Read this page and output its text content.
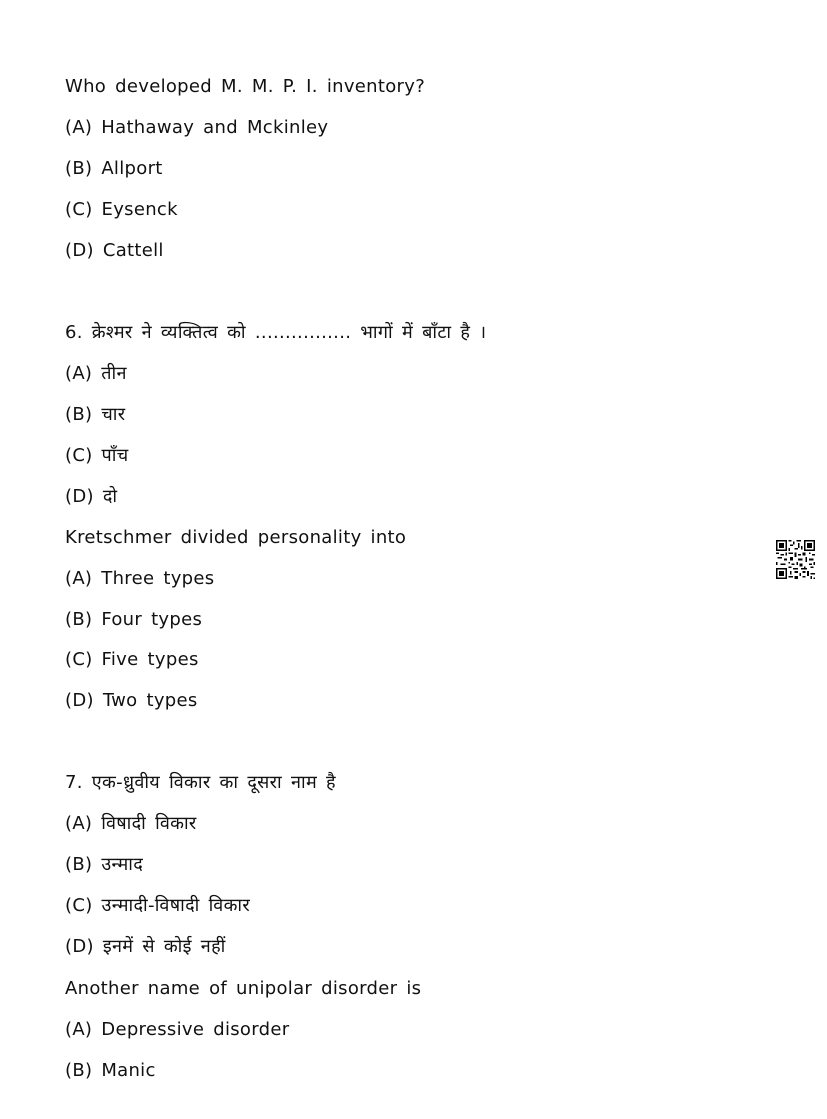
Who developed M. M. P. I. inventory?
(A) Hathaway and Mckinley
(B) Allport
(C) Eysenck
(D) Cattell
6. क्रेश्मर ने व्यक्तित्व को ................ भागों में बाँटा है ।
(A) तीन
(B) चार
(C) पाँच
(D) दो
Kretschmer divided personality into
(A) Three types
(B) Four types
(C) Five types
(D) Two types
7. एक-ध्रुवीय विकार का दूसरा नाम है
(A) विषादी विकार
(B) उन्माद
(C) उन्मादी-विषादी विकार
(D) इनमें से कोई नहीं
Another name of unipolar disorder is
(A) Depressive disorder
(B) Manic
